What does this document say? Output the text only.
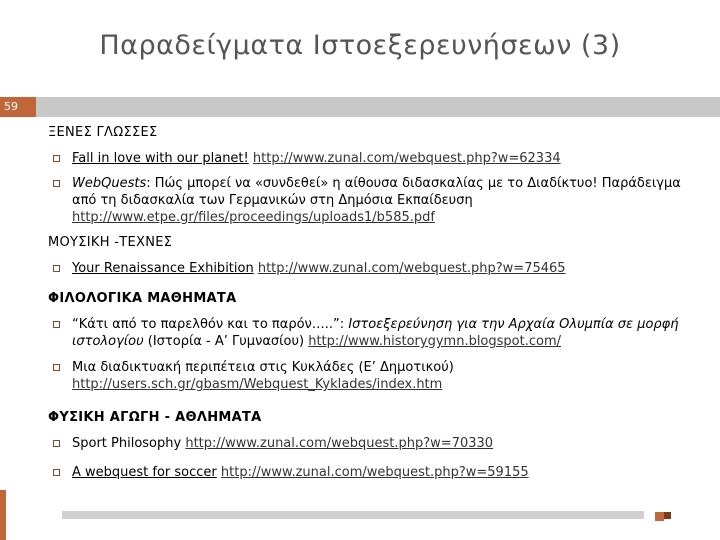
Παραδείγματα Ιστοεξερευνήσεων (3)
59
ΞΕΝΕΣ ΓΛΩΣΣΕΣ
Fall in love with our planet! http://www.zunal.com/webquest.php?w=62334
WebQuests: Πώς μπορεί να «συνδεθεί» η αίθουσα διδασκαλίας με το Διαδίκτυο! Παράδειγμα από τη διδασκαλία των Γερμανικών στη Δημόσια Εκπαίδευση http://www.etpe.gr/files/proceedings/uploads1/b585.pdf
ΜΟΥΣΙΚΗ -ΤΕΧΝΕΣ
Your Renaissance Exhibition http://www.zunal.com/webquest.php?w=75465
ΦΙΛΟΛΟΓΙΚΑ ΜΑΘΗΜΑΤΑ
“Κάτι από το παρελθόν και το παρόν…..”: Ιστοεξερεύνηση για την Αρχαία Ολυμπία σε μορφή ιστολογίου (Ιστορία - Α’ Γυμνασίου) http://www.historygymn.blogspot.com/
Μια διαδικτυακή περιπέτεια στις Κυκλάδες (Ε’ Δημοτικού)
http://users.sch.gr/gbasm/Webquest_Kyklades/index.htm
ΦΥΣΙΚΗ ΑΓΩΓΗ - ΑΘΛΗΜΑΤΑ
Sport Philosophy http://www.zunal.com/webquest.php?w=70330
A webquest for soccer http://www.zunal.com/webquest.php?w=59155
